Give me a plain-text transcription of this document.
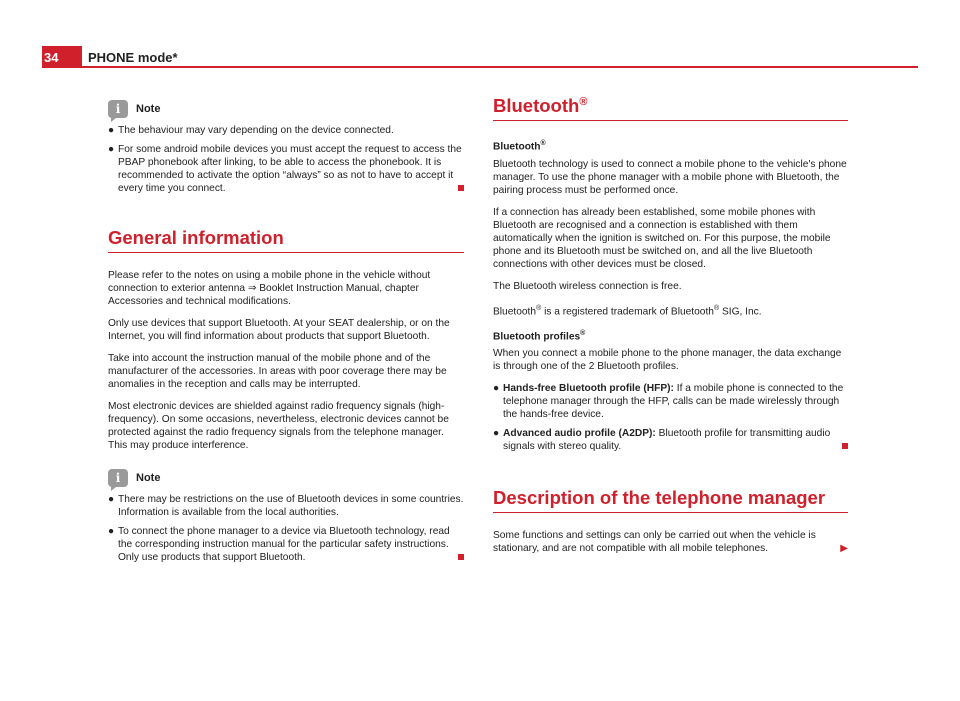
34 PHONE mode*
i Note
● The behaviour may vary depending on the device connected.
● For some android mobile devices you must accept the request to access the PBAP phonebook after linking, to be able to access the phonebook. It is recommended to activate the option “always” so as not to have to accept it every time you connect.
General information

Please refer to the notes on using a mobile phone in the vehicle without connection to exterior antenna ⇒ Booklet Instruction Manual, chapter Accessories and technical modifications.

Only use devices that support Bluetooth. At your SEAT dealership, or on the Internet, you will find information about products that support Bluetooth.

Take into account the instruction manual of the mobile phone and of the manufacturer of the accessories. In areas with poor coverage there may be anomalies in the reception and calls may be interrupted.

Most electronic devices are shielded against radio frequency signals (high-frequency). On some occasions, nevertheless, electronic devices cannot be protected against the radio frequency signals from the telephone manager. This may produce interference.

i Note
● There may be restrictions on the use of Bluetooth devices in some countries. Information is available from the local authorities.
● To connect the phone manager to a device via Bluetooth technology, read the corresponding instruction manual for the particular safety instructions. Only use products that support Bluetooth.
Bluetooth®
Bluetooth®

Bluetooth technology is used to connect a mobile phone to the vehicle's phone manager. To use the phone manager with a mobile phone with Bluetooth, the pairing process must be performed once.

If a connection has already been established, some mobile phones with Bluetooth are recognised and a connection is established with them automatically when the ignition is switched on. For this purpose, the mobile phone and its Bluetooth must be switched on, and all the live Bluetooth connections with other devices must be closed.

The Bluetooth wireless connection is free.

Bluetooth® is a registered trademark of Bluetooth® SIG, Inc.

Bluetooth profiles®

When you connect a mobile phone to the phone manager, the data exchange is through one of the 2 Bluetooth profiles.

● Hands-free Bluetooth profile (HFP): If a mobile phone is connected to the telephone manager through the HFP, calls can be made wirelessly through the hands-free device.
● Advanced audio profile (A2DP): Bluetooth profile for transmitting audio signals with stereo quality.
Description of the telephone manager

Some functions and settings can only be carried out when the vehicle is stationary, and are not compatible with all mobile telephones.	▶
